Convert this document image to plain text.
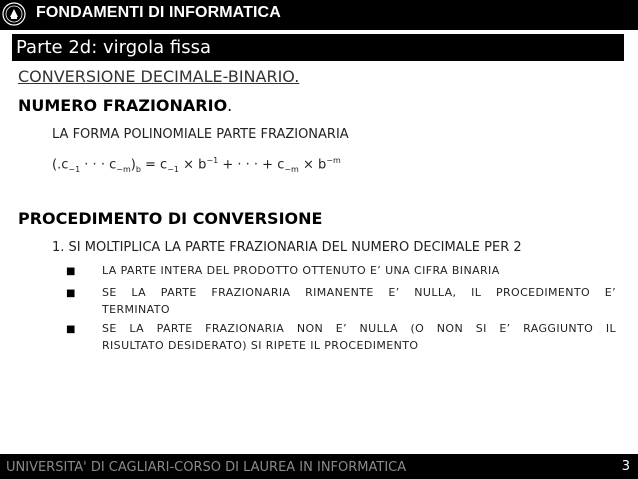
FONDAMENTI DI INFORMATICA
Parte 2d: virgola fissa
CONVERSIONE DECIMALE-BINARIO.
NUMERO FRAZIONARIO.
LA FORMA POLINOMIALE PARTE FRAZIONARIA
($.c_{-1}$ · · · $c_{-m})_b = c_{-1} \times b^{-1}$ + · · · + $c_{-m} \times b^{-m}$
PROCEDIMENTO DI CONVERSIONE
1. SI MOLTIPLICA LA PARTE FRAZIONARIA DEL NUMERO DECIMALE PER 2
■ LA PARTE INTERA DEL PRODOTTO OTTENUTO E’ UNA CIFRA BINARIA
■ SE LA PARTE FRAZIONARIA RIMANENTE E’ NULLA, IL PROCEDIMENTO E’
TERMINATO
■ SE LA PARTE FRAZIONARIA NON E’ NULLA (O NON SI E’ RAGGIUNTO IL
RISULTATO DESIDERATO) SI RIPETE IL PROCEDIMENTO
UNIVERSITA' DI CAGLIARI-CORSO DI LAUREA IN INFORMATICA	3
